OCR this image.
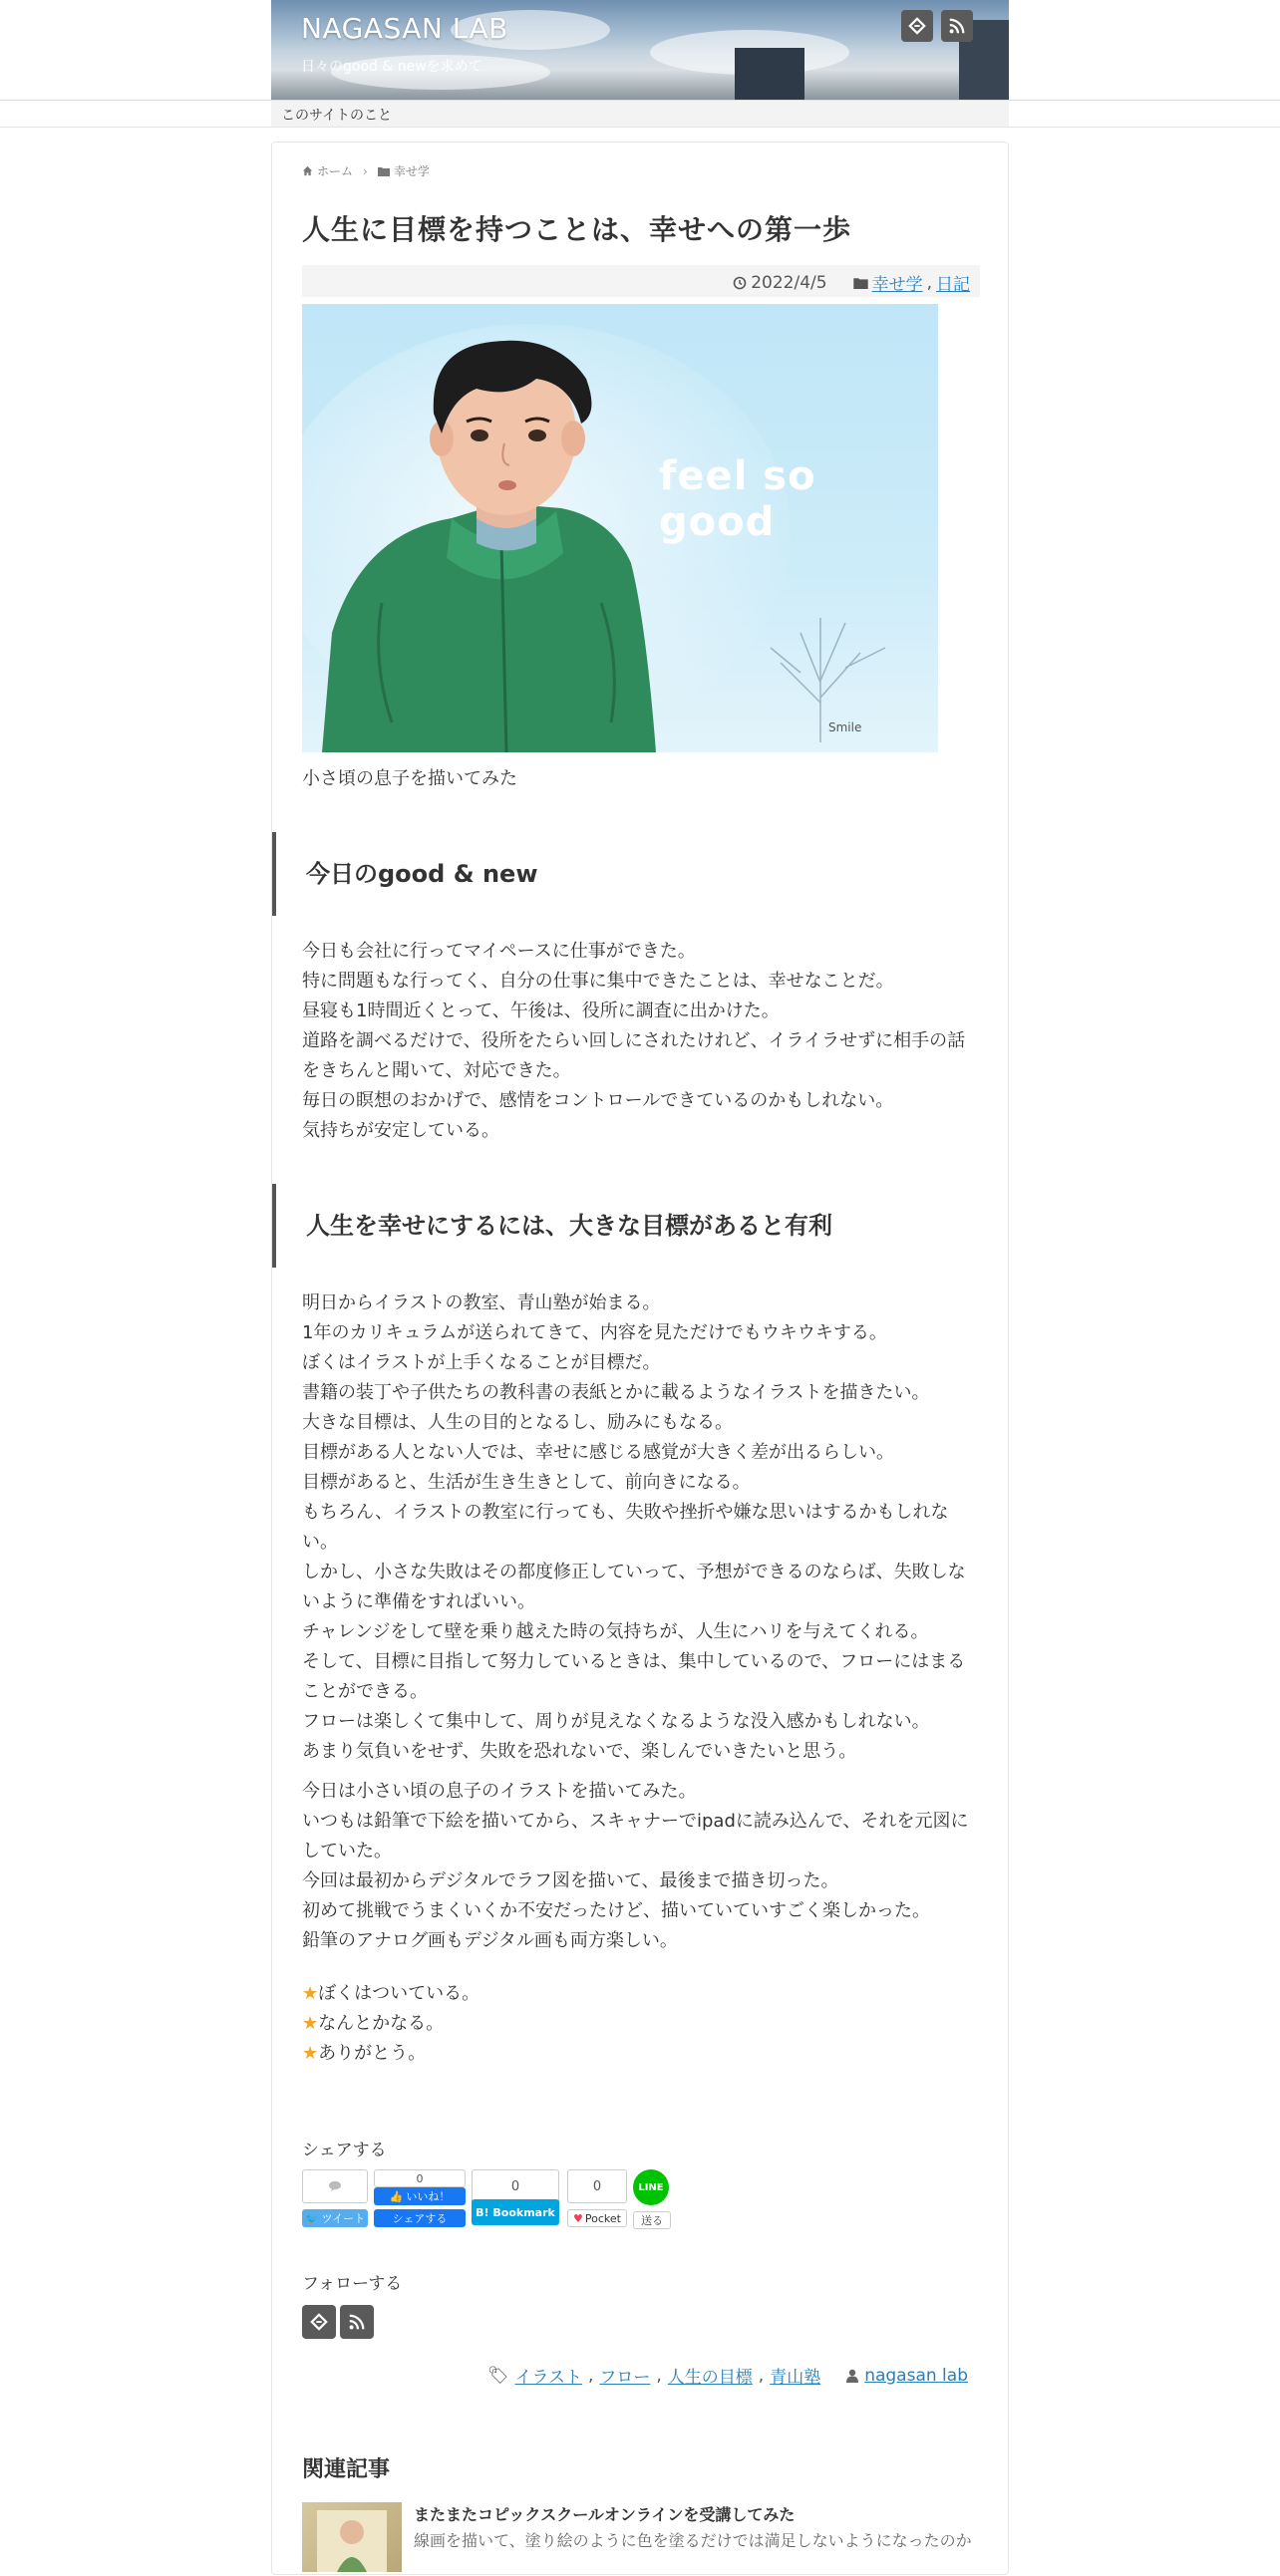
NAGASAN LAB
日々のgood & newを求めて
このサイトのこと
ホーム › 幸せ学
人生に目標を持つことは、幸せへの第一歩
2022/4/5	幸せ学 , 日記
feel so good
Smile
小さ頃の息子を描いてみた
今日のgood & new

今日も会社に行ってマイペースに仕事ができた。

特に問題もな行ってく、自分の仕事に集中できたことは、幸せなことだ。

昼寝も1時間近くとって、午後は、役所に調査に出かけた。

道路を調べるだけで、役所をたらい回しにされたけれど、イライラせずに相手の話をきちんと聞いて、対応できた。

毎日の瞑想のおかげで、感情をコントロールできているのかもしれない。

気持ちが安定している。

人生を幸せにするには、大きな目標があると有利

明日からイラストの教室、青山塾が始まる。

1年のカリキュラムが送られてきて、内容を見ただけでもウキウキする。

ぼくはイラストが上手くなることが目標だ。

書籍の装丁や子供たちの教科書の表紙とかに載るようなイラストを描きたい。

大きな目標は、人生の目的となるし、励みにもなる。

目標がある人とない人では、幸せに感じる感覚が大きく差が出るらしい。

目標があると、生活が生き生きとして、前向きになる。

もちろん、イラストの教室に行っても、失敗や挫折や嫌な思いはするかもしれない。

しかし、小さな失敗はその都度修正していって、予想ができるのならば、失敗しないように準備をすればいい。

チャレンジをして壁を乗り越えた時の気持ちが、人生にハリを与えてくれる。

そして、目標に目指して努力しているときは、集中しているので、フローにはまることができる。

フローは楽しくて集中して、周りが見えなくなるような没入感かもしれない。

あまり気負いをせず、失敗を恐れないで、楽しんでいきたいと思う。

今日は小さい頃の息子のイラストを描いてみた。

いつもは鉛筆で下絵を描いてから、スキャナーでipadに読み込んで、それを元図にしていた。

今回は最初からデジタルでラフ図を描いて、最後まで描き切った。

初めて挑戦でうまくいくか不安だったけど、描いていていすごく楽しかった。

鉛筆のアナログ画もデジタル画も両方楽しい。

★ぼくはついている。

★なんとかなる。

★ありがとう。

シェアする
🐦 ツイート
0
👍 いいね！
シェアする
0
B! Bookmark
0
♥ Pocket
LINE
送る
フォローする
🏷 イラスト , フロー , 人生の目標 , 青山塾	nagasan lab
関連記事
またまたコピックスクールオンラインを受講してみた
線画を描いて、塗り絵のように色を塗るだけでは満足しないようになったのか
